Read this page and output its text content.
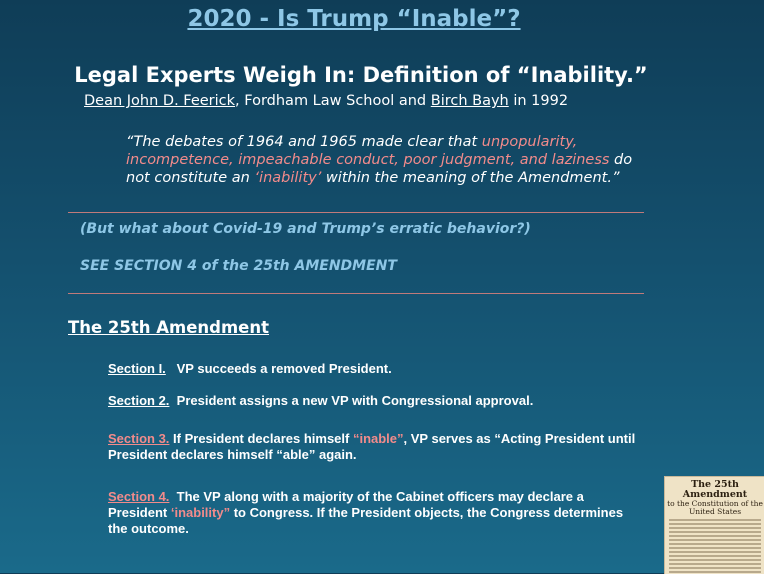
2020 - Is Trump “Inable”?
Legal Experts Weigh In: Definition of “Inability.”
Dean John D. Feerick, Fordham Law School and Birch Bayh in 1992
“The debates of 1964 and 1965 made clear that unpopularity, incompetence, impeachable conduct, poor judgment, and laziness do not constitute an ‘inability’ within the meaning of the Amendment.”
(But what about Covid-19 and Trump’s erratic behavior?)
SEE SECTION 4 of the 25th AMENDMENT
The 25th Amendment
Section I. VP succeeds a removed President.
Section 2. President assigns a new VP with Congressional approval.
Section 3. If President declares himself “inable”, VP serves as “Acting President until President declares himself “able” again.
Section 4. The VP along with a majority of the Cabinet officers may declare a President ‘inability” to Congress. If the President objects, the Congress determines the outcome.
The 25th Amendment
to the Constitution of the United States
